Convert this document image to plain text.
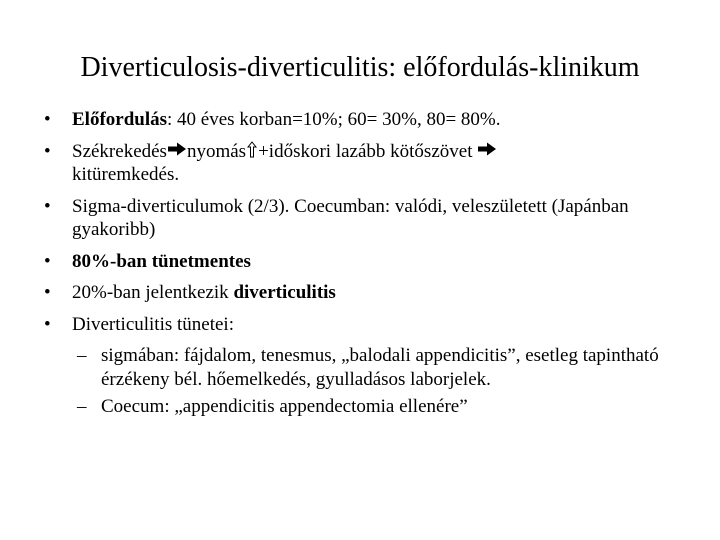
Diverticulosis-diverticulitis: előfordulás-klinikum
• Előfordulás: 40 éves korban=10%; 60= 30%, 80= 80%.
• Székrekedés nyomás +időskori lazább kötőszövet

kitüremkedés.
• Sigma-diverticulumok (2/3). Coecumban: valódi, veleszületett (Japánban gyakoribb)
• 80%-ban tünetmentes
• 20%-ban jelentkezik diverticulitis
• Diverticulitis tünetei:
– sigmában: fájdalom, tenesmus, „balodali appendicitis”, esetleg tapintható érzékeny bél. hőemelkedés, gyulladásos laborjelek.
– Coecum: „appendicitis appendectomia ellenére”
